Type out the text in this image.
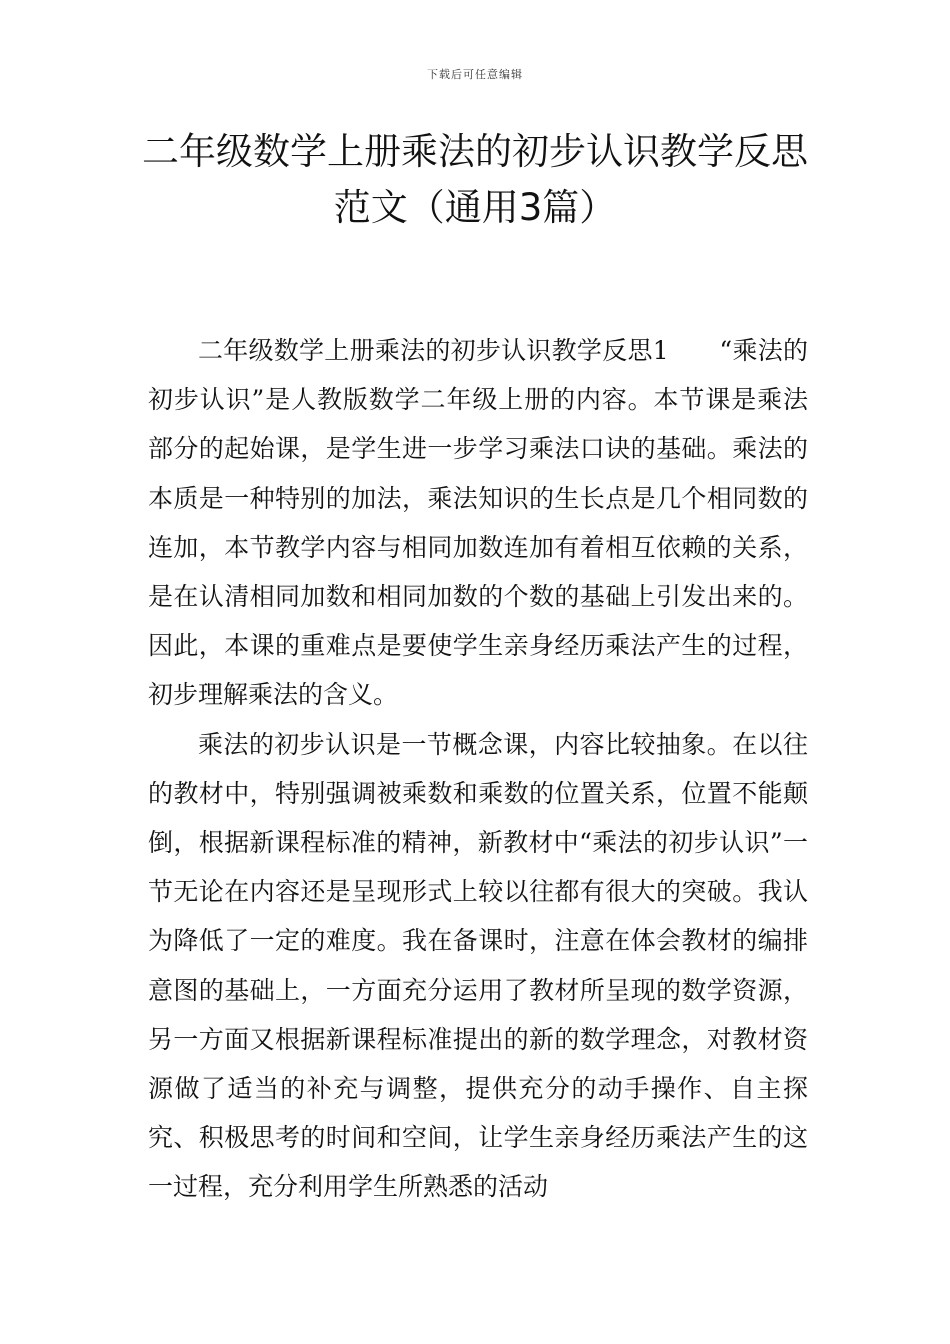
下载后可任意编辑
二年级数学上册乘法的初步认识教学反思
范文（通用3篇）

二年级数学上册乘法的初步认识教学反思1　　“乘法的初步认识”是人教版数学二年级上册的内容。本节课是乘法部分的起始课，是学生进一步学习乘法口诀的基础。乘法的本质是一种特别的加法，乘法知识的生长点是几个相同数的连加，本节教学内容与相同加数连加有着相互依赖的关系，是在认清相同加数和相同加数的个数的基础上引发出来的。因此，本课的重难点是要使学生亲身经历乘法产生的过程，初步理解乘法的含义。

乘法的初步认识是一节概念课，内容比较抽象。在以往的教材中，特别强调被乘数和乘数的位置关系，位置不能颠倒，根据新课程标准的精神，新教材中“乘法的初步认识”一节无论在内容还是呈现形式上较以往都有很大的突破。我认为降低了一定的难度。我在备课时，注意在体会教材的编排意图的基础上，一方面充分运用了教材所呈现的数学资源，另一方面又根据新课程标准提出的新的数学理念，对教材资源做了适当的补充与调整，提供充分的动手操作、自主探究、积极思考的时间和空间，让学生亲身经历乘法产生的这一过程，充分利用学生所熟悉的活动
